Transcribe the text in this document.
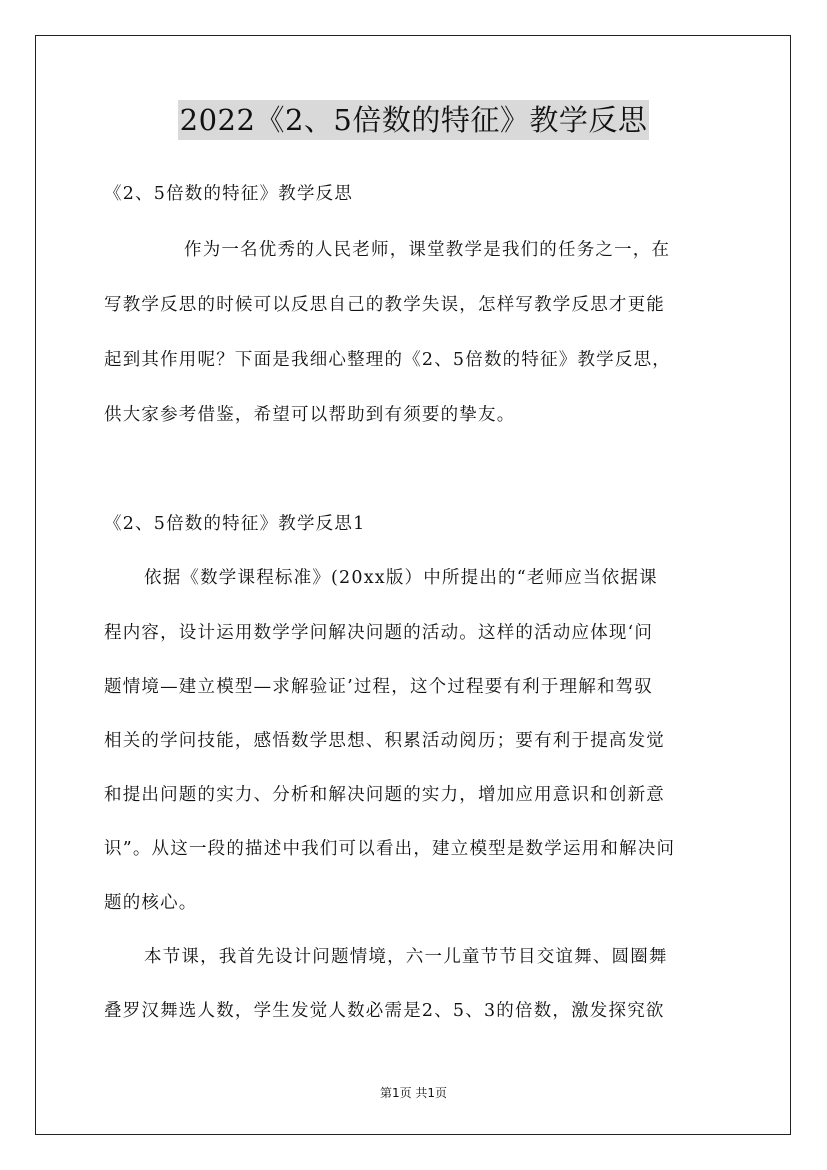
2022《2、5倍数的特征》教学反思
《2、5倍数的特征》教学反思
作为一名优秀的人民老师，课堂教学是我们的任务之一，在
写教学反思的时候可以反思自己的教学失误，怎样写教学反思才更能
起到其作用呢？下面是我细心整理的《2、5倍数的特征》教学反思，
供大家参考借鉴，希望可以帮助到有须要的挚友。
《2、5倍数的特征》教学反思1
依据《数学课程标准》(20xx版）中所提出的“老师应当依据课
程内容，设计运用数学学问解决问题的活动。这样的活动应体现‘问
题情境—建立模型—求解验证’过程，这个过程要有利于理解和驾驭
相关的学问技能，感悟数学思想、积累活动阅历；要有利于提高发觉
和提出问题的实力、分析和解决问题的实力，增加应用意识和创新意
识”。从这一段的描述中我们可以看出，建立模型是数学运用和解决问
题的核心。
本节课，我首先设计问题情境，六一儿童节节目交谊舞、圆圈舞
叠罗汉舞选人数，学生发觉人数必需是2、5、3的倍数，激发探究欲
第1页 共1页
